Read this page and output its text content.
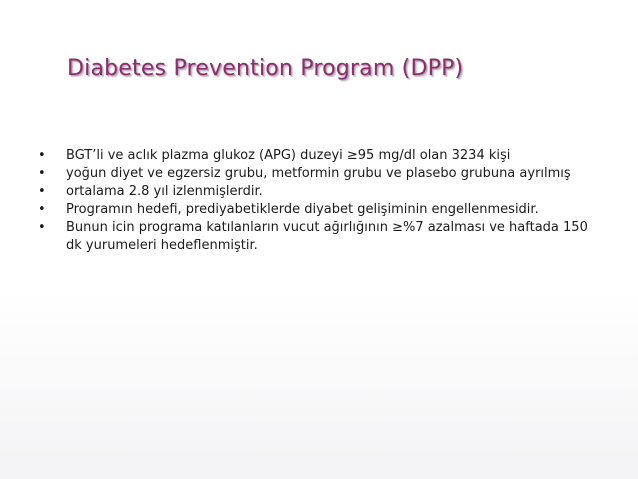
Diabetes Prevention Program (DPP)
• BGT’li ve aclık plazma glukoz (APG) duzeyi ≥95 mg/dl olan 3234 kişi
• yoğun diyet ve egzersiz grubu, metformin grubu ve plasebo grubuna ayrılmış
• ortalama 2.8 yıl izlenmişlerdir.
• Programın hedefi, prediyabetiklerde diyabet gelişiminin engellenmesidir.
• Bunun icin programa katılanların vucut ağırlığının ≥%7 azalması ve haftada 150 dk yurumeleri hedeflenmiştir.
